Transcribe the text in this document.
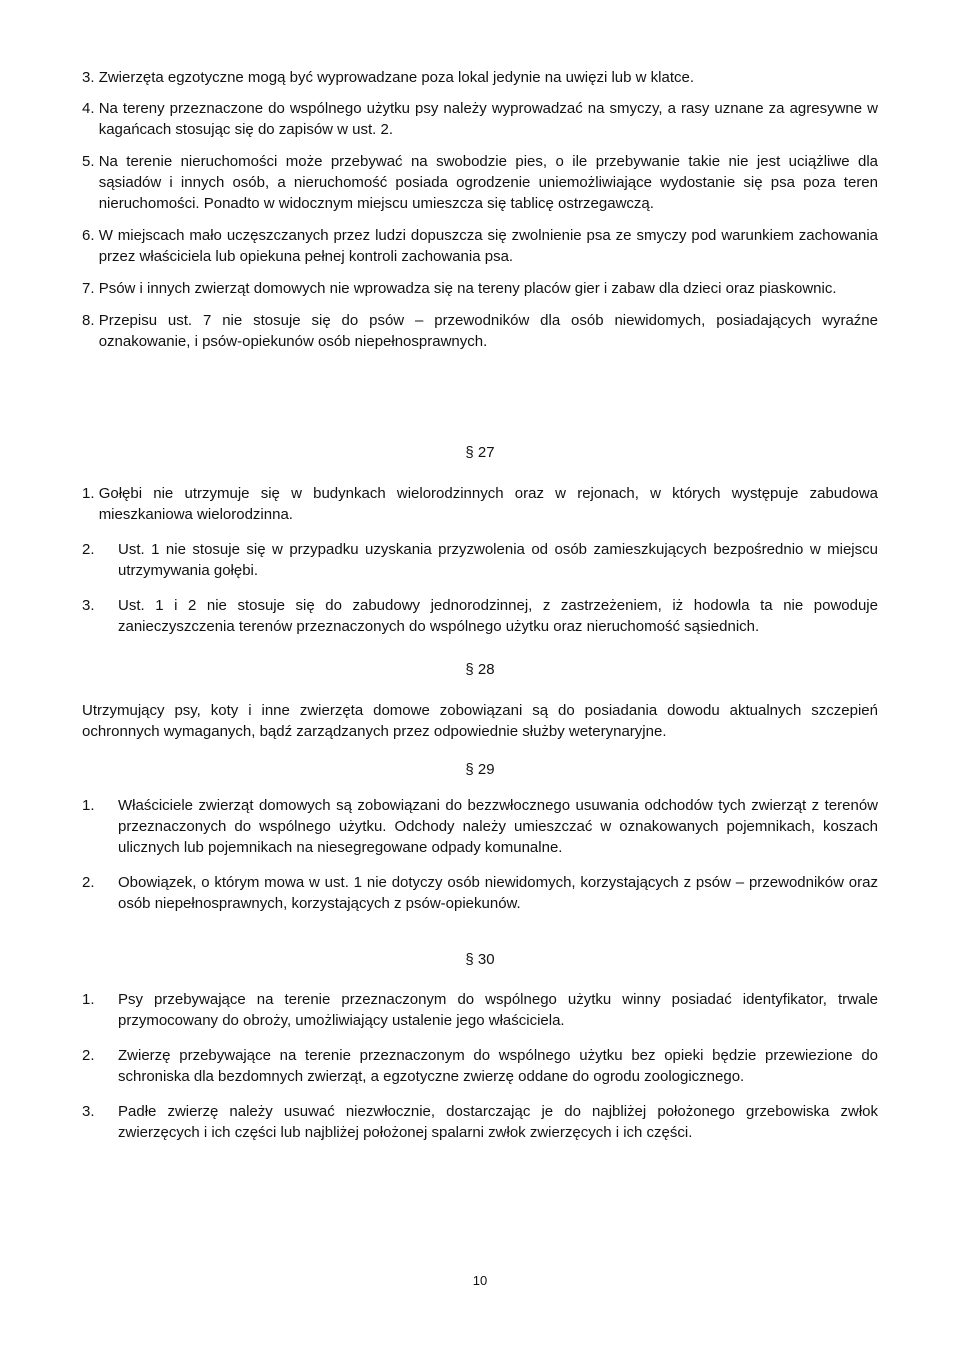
3.
Zwierzęta egzotyczne mogą być wyprowadzane poza lokal jedynie na uwięzi lub w klatce.
4.
Na tereny przeznaczone do wspólnego użytku psy należy wyprowadzać na smyczy, a rasy uznane za agresywne w kagańcach stosując się do zapisów w ust. 2.
5.
Na terenie nieruchomości może przebywać na swobodzie pies, o ile przebywanie takie nie jest uciążliwe dla sąsiadów i innych osób, a nieruchomość posiada ogrodzenie uniemożliwiające wydostanie się psa poza teren nieruchomości. Ponadto w widocznym miejscu umieszcza się tablicę ostrzegawczą.
6.
W miejscach mało uczęszczanych przez ludzi dopuszcza się zwolnienie psa ze smyczy pod warunkiem zachowania przez właściciela lub opiekuna pełnej kontroli zachowania psa.
7.
Psów i innych zwierząt domowych nie wprowadza się na tereny placów gier i zabaw dla dzieci oraz piaskownic.
8.
Przepisu ust. 7 nie stosuje się do psów – przewodników dla osób niewidomych, posiadających wyraźne oznakowanie, i psów-opiekunów osób niepełnosprawnych.
§ 27
1.
Gołębi nie utrzymuje się w budynkach wielorodzinnych oraz w rejonach, w których występuje zabudowa mieszkaniowa wielorodzinna.
2.	Ust. 1 nie stosuje się w przypadku uzyskania przyzwolenia od osób zamieszkujących bezpośrednio w miejscu utrzymywania gołębi.
3.	Ust. 1 i 2 nie stosuje się do zabudowy jednorodzinnej, z zastrzeżeniem, iż hodowla ta nie powoduje zanieczyszczenia terenów przeznaczonych do wspólnego użytku oraz nieruchomość sąsiednich.
§ 28
Utrzymujący psy, koty i inne zwierzęta domowe zobowiązani są do posiadania dowodu aktualnych szczepień ochronnych wymaganych, bądź zarządzanych przez odpowiednie służby weterynaryjne.
§ 29
1.	Właściciele zwierząt domowych są zobowiązani do bezzwłocznego usuwania odchodów tych zwierząt z terenów przeznaczonych do wspólnego użytku. Odchody należy umieszczać w oznakowanych pojemnikach, koszach ulicznych lub pojemnikach na niesegregowane odpady komunalne.
2.	Obowiązek, o którym mowa w ust. 1 nie dotyczy osób niewidomych, korzystających z psów – przewodników oraz osób niepełnosprawnych, korzystających z psów-opiekunów.
§ 30
1.	Psy przebywające na terenie przeznaczonym do wspólnego użytku winny posiadać identyfikator, trwale przymocowany do obroży, umożliwiający ustalenie jego właściciela.
2.	Zwierzę przebywające na terenie przeznaczonym do wspólnego użytku bez opieki będzie przewiezione do schroniska dla bezdomnych zwierząt, a egzotyczne zwierzę oddane do ogrodu zoologicznego.
3.	Padłe zwierzę należy usuwać niezwłocznie, dostarczając je do najbliżej położonego grzebowiska zwłok zwierzęcych i ich części lub najbliżej położonej spalarni zwłok zwierzęcych i ich części.
10
